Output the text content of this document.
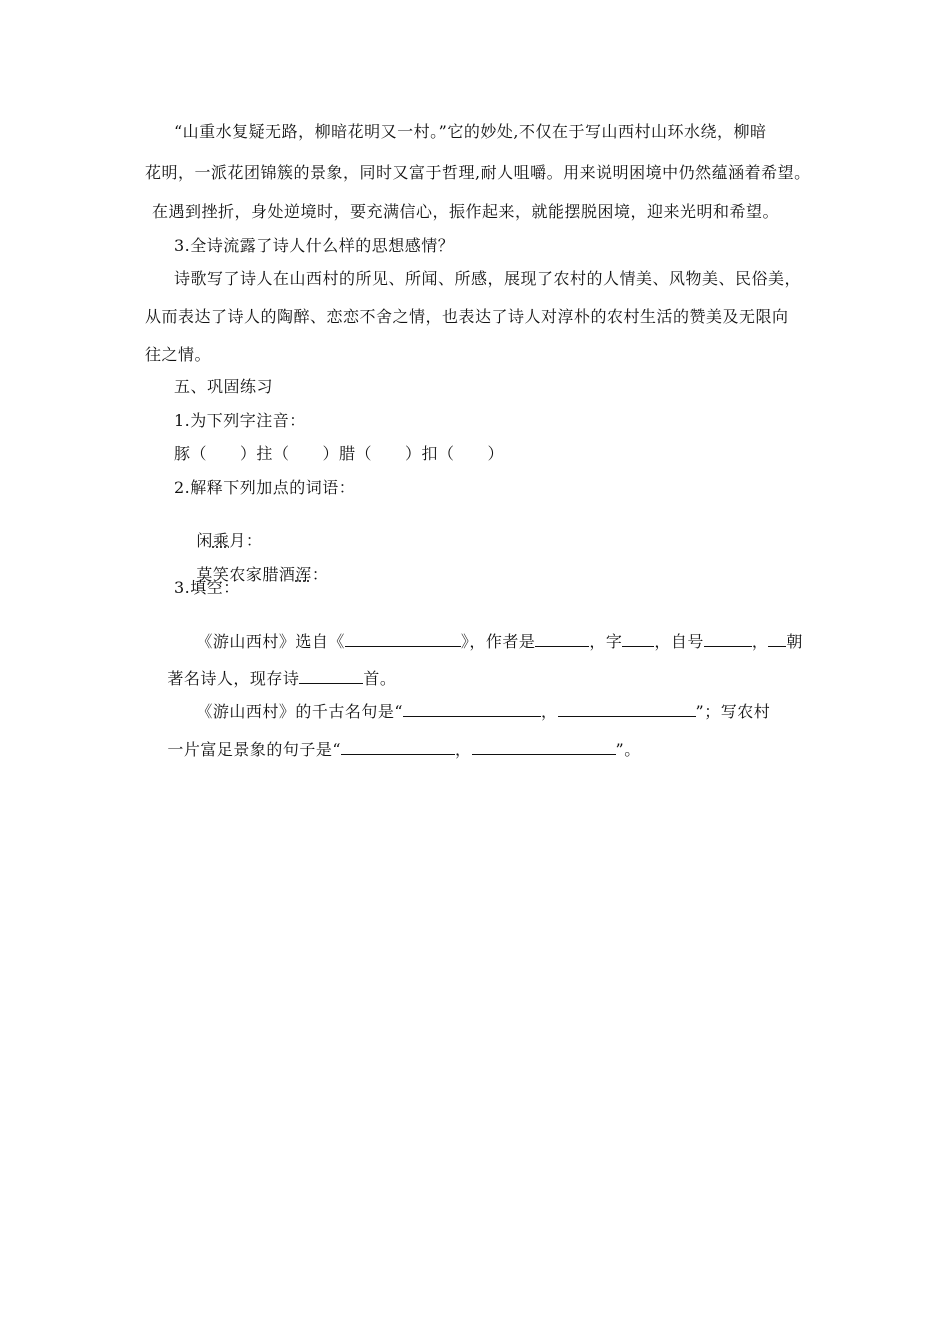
“山重水复疑无路，柳暗花明又一村。”它的妙处,不仅在于写山西村山环水绕，柳暗
花明，一派花团锦簇的景象，同时又富于哲理,耐人咀嚼。用来说明困境中仍然蕴涵着希望。
在遇到挫折，身处逆境时，要充满信心，振作起来，就能摆脱困境，迎来光明和希望。
3.全诗流露了诗人什么样的思想感情？
诗歌写了诗人在山西村的所见、所闻、所感，展现了农村的人情美、风物美、民俗美，
从而表达了诗人的陶醉、恋恋不舍之情，也表达了诗人对淳朴的农村生活的赞美及无限向
往之情。
五、巩固练习
1.为下列字注音：
豚（　　）拄（　　）腊（　　）扣（　　）
2.解释下列加点的词语：

闲乘月：

莫笑农家腊酒浑：

3.填空：

《游山西村》选自《	》，作者是	，字 ，自号	， 朝

著名诗人，现存诗	首。

《游山西村》的千古名句是“	，	”；写农村

一片富足景象的句子是“	，	”。
